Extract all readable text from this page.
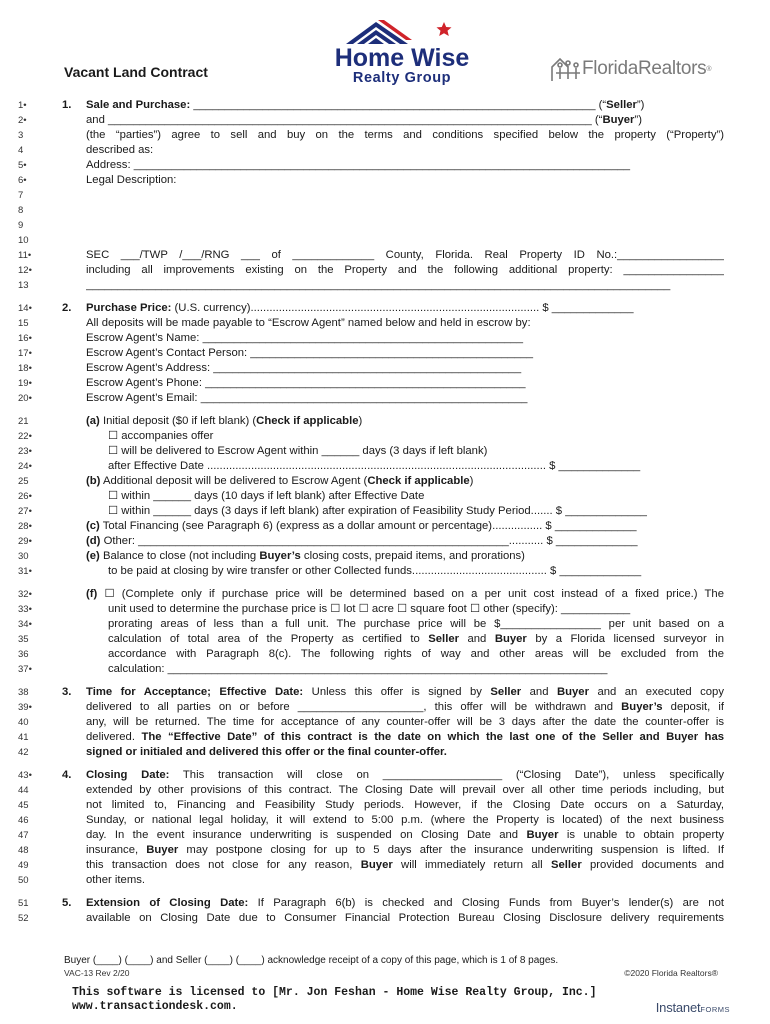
Home Wise
Realty Group	FloridaRealtors ®
Vacant Land Contract
1•	1. Sale and Purchase: ________________________________________________________________ (“Seller”)
2•	and _____________________________________________________________________________ (“Buyer”)
3	(the “parties”) agree to sell and buy on the terms and conditions specified below the property (“Property”)
4	described as:
5•	Address: _______________________________________________________________________________
6•	Legal Description:
7
8
9
10
11•	SEC ___/TWP /___/RNG ___ of _____________ County, Florida. Real Property ID No.:_________________
12•	including all improvements existing on the Property and the following additional property: ________________
13	_____________________________________________________________________________________________
14•	2. Purchase Price: (U.S. currency)............................................................................................ $ _____________
15	All deposits will be made payable to “Escrow Agent” named below and held in escrow by:
16•	Escrow Agent’s Name: ___________________________________________________
17•	Escrow Agent’s Contact Person: _____________________________________________
18•	Escrow Agent’s Address: _________________________________________________
19•	Escrow Agent’s Phone: ___________________________________________________
20•	Escrow Agent’s Email: ____________________________________________________
21	(a) Initial deposit ($0 if left blank) (Check if applicable)
22•	☐ accompanies offer
23•	☐ will be delivered to Escrow Agent within ______ days (3 days if left blank)
24•	after Effective Date ............................................................................................................ $ _____________
25	(b) Additional deposit will be delivered to Escrow Agent (Check if applicable)
26•	☐ within ______ days (10 days if left blank) after Effective Date
27•	☐ within ______ days (3 days if left blank) after expiration of Feasibility Study Period....... $ _____________
28•	(c) Total Financing (see Paragraph 6) (express as a dollar amount or percentage)................ $ _____________
29•	(d) Other: ___________________________________________________________........... $ _____________
30	(e) Balance to close (not including Buyer’s closing costs, prepaid items, and prorations)
31•	to be paid at closing by wire transfer or other Collected funds........................................... $ _____________
32•	(f) ☐ (Complete only if purchase price will be determined based on a per unit cost instead of a fixed price.) The
33•	unit used to determine the purchase price is ☐ lot ☐ acre ☐ square foot ☐ other (specify): ___________
34•	prorating areas of less than a full unit. The purchase price will be $________________ per unit based on a
35	calculation of total area of the Property as certified to Seller and Buyer by a Florida licensed surveyor in
36	accordance with Paragraph 8(c). The following rights of way and other areas will be excluded from the
37•	calculation: ______________________________________________________________________
38	3. Time for Acceptance; Effective Date: Unless this offer is signed by Seller and Buyer and an executed copy
39•	delivered to all parties on or before ____________________, this offer will be withdrawn and Buyer’s deposit, if
40	any, will be returned. The time for acceptance of any counter-offer will be 3 days after the date the counter-offer is
41	delivered. The “Effective Date” of this contract is the date on which the last one of the Seller and Buyer has
42	signed or initialed and delivered this offer or the final counter-offer.
43•	4. Closing Date: This transaction will close on ___________________ (“Closing Date”), unless specifically
44	extended by other provisions of this contract. The Closing Date will prevail over all other time periods including, but
45	not limited to, Financing and Feasibility Study periods. However, if the Closing Date occurs on a Saturday,
46	Sunday, or national legal holiday, it will extend to 5:00 p.m. (where the Property is located) of the next business
47	day. In the event insurance underwriting is suspended on Closing Date and Buyer is unable to obtain property
48	insurance, Buyer may postpone closing for up to 5 days after the insurance underwriting suspension is lifted. If
49	this transaction does not close for any reason, Buyer will immediately return all Seller provided documents and
50	other items.
51	5. Extension of Closing Date: If Paragraph 6(b) is checked and Closing Funds from Buyer’s lender(s) are not
52	available on Closing Date due to Consumer Financial Protection Bureau Closing Disclosure delivery requirements
Buyer (____) (____) and Seller (____) (____) acknowledge receipt of a copy of this page, which is 1 of 8 pages.
VAC-13 Rev 2/20	©2020 Florida Realtors®
This software is licensed to [Mr. Jon Feshan - Home Wise Realty Group, Inc.]
www.transactiondesk.com.	InstanetFORMS
